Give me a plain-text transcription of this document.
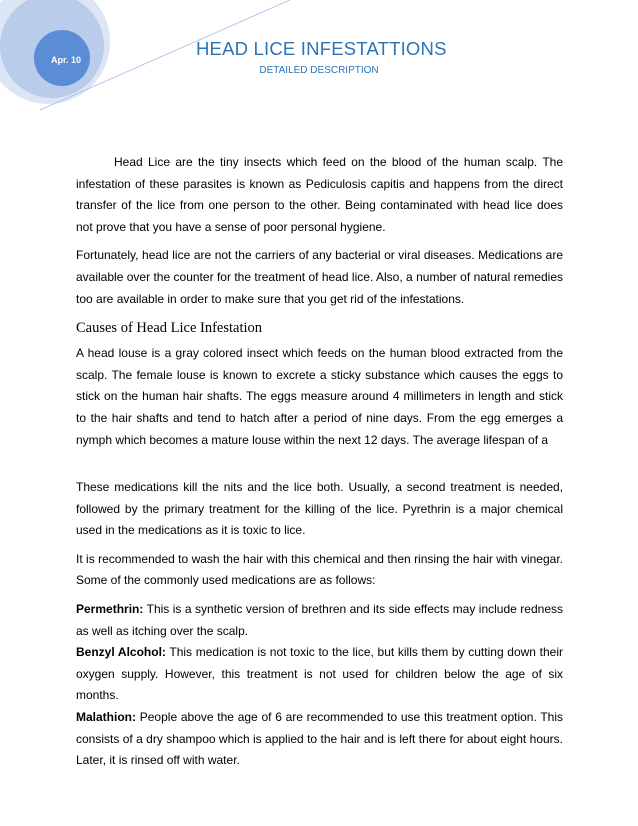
Apr. 10
HEAD LICE INFESTATTIONS
DETAILED DESCRIPTION

Head Lice are the tiny insects which feed on the blood of the human scalp. The infestation of these parasites is known as Pediculosis capitis and happens from the direct transfer of the lice from one person to the other. Being contaminated with head lice does not prove that you have a sense of poor personal hygiene.

Fortunately, head lice are not the carriers of any bacterial or viral diseases. Medications are available over the counter for the treatment of head lice. Also, a number of natural remedies too are available in order to make sure that you get rid of the infestations.

Causes of Head Lice Infestation

A head louse is a gray colored insect which feeds on the human blood extracted from the scalp. The female louse is known to excrete a sticky substance which causes the eggs to stick on the human hair shafts. The eggs measure around 4 millimeters in length and stick to the hair shafts and tend to hatch after a period of nine days. From the egg emerges a nymph which becomes a mature louse within the next 12 days. The average lifespan of a

These medications kill the nits and the lice both. Usually, a second treatment is needed, followed by the primary treatment for the killing of the lice. Pyrethrin is a major chemical used in the medications as it is toxic to lice.

It is recommended to wash the hair with this chemical and then rinsing the hair with vinegar. Some of the commonly used medications are as follows:

Permethrin: This is a synthetic version of brethren and its side effects may include redness as well as itching over the scalp.

Benzyl Alcohol: This medication is not toxic to the lice, but kills them by cutting down their oxygen supply. However, this treatment is not used for children below the age of six months.

Malathion: People above the age of 6 are recommended to use this treatment option. This consists of a dry shampoo which is applied to the hair and is left there for about eight hours. Later, it is rinsed off with water.
